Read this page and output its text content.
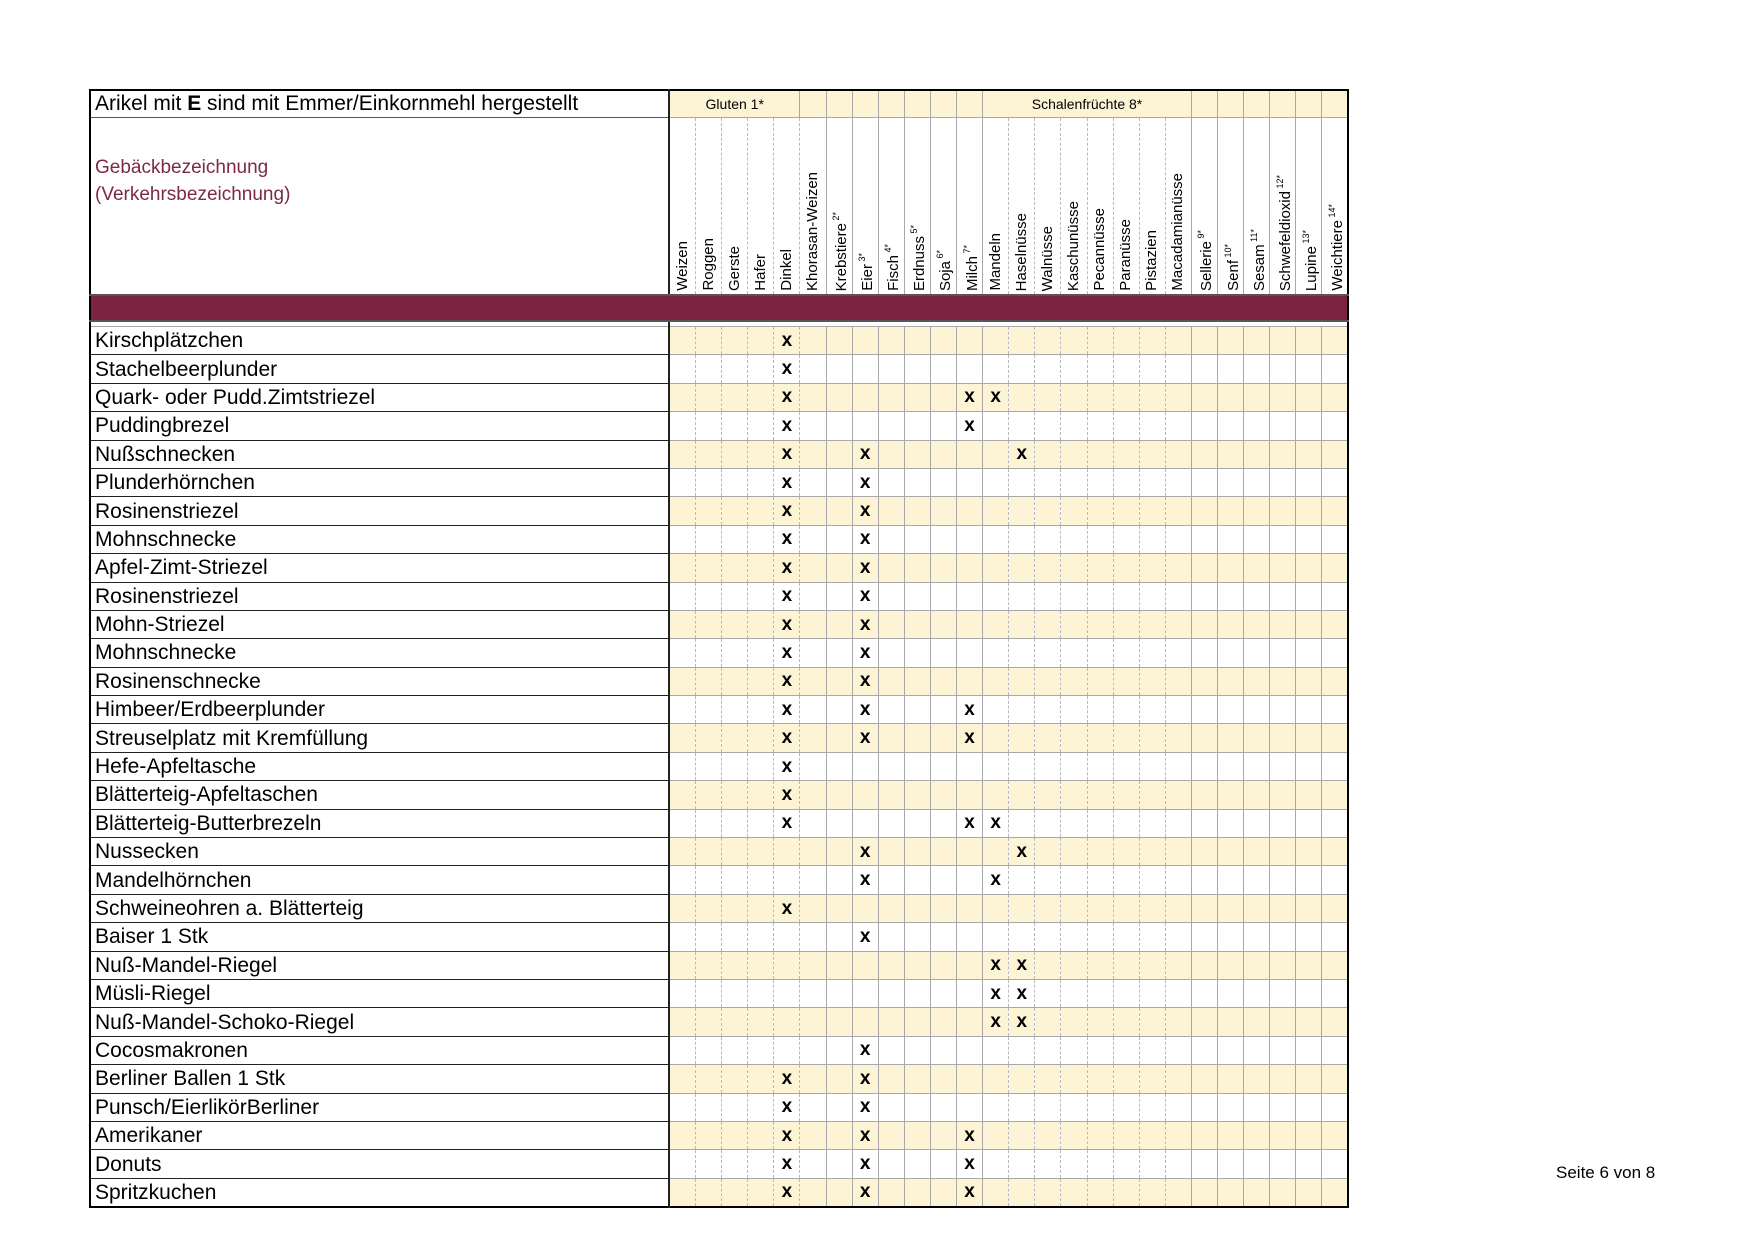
Arikel mit E sind mit Emmer/Einkornmehl hergestellt	Gluten 1*												Schalenfrüchte 8*													

Gebäckbezeichnung
(Verkehrsbezeichnung)	Weizen	Roggen	Gerste	Hafer	Dinkel	Khorasan-Weizen	Krebstiere $^{2*}$	Eier $^{3*}$	Fisch $^{4*}$	Erdnuss $^{5*}$	Soja $^{6*}$	Milch $^{7*}$	Mandeln	Haselnüsse	Walnüsse	Kaschunüsse	Pecannüsse	Paranüsse	Pistazien	Macadamianüsse	Sellerie $^{9*}$	Senf $^{10*}$	Sesam $^{11*}$	Schwefeldioxid $^{12*}$	Lupine $^{13*}$	Weichtiere $^{14*}$

Kirschplätzchen					x																					
Stachelbeerplunder					x																					
Quark- oder Pudd.Zimtstriezel					x							x	x													
Puddingbrezel					x							x														
Nußschnecken					x			x						x												
Plunderhörnchen					x			x																		
Rosinenstriezel					x			x																		
Mohnschnecke					x			x																		
Apfel-Zimt-Striezel					x			x																		
Rosinenstriezel					x			x																		
Mohn-Striezel					x			x																		
Mohnschnecke					x			x																		
Rosinenschnecke					x			x																		
Himbeer/Erdbeerplunder					x			x				x														
Streuselplatz mit Kremfüllung					x			x				x														
Hefe-Apfeltasche					x																					
Blätterteig-Apfeltaschen					x																					
Blätterteig-Butterbrezeln					x							x	x													
Nussecken								x						x												
Mandelhörnchen								x					x													
Schweineohren a. Blätterteig					x																					
Baiser 1 Stk								x																		
Nuß-Mandel-Riegel													x	x												
Müsli-Riegel													x	x												
Nuß-Mandel-Schoko-Riegel													x	x												
Cocosmakronen								x																		
Berliner Ballen 1 Stk					x			x																		
Punsch/EierlikörBerliner					x			x																		
Amerikaner					x			x				x														
Donuts					x			x				x														
Spritzkuchen					x			x				x														
Seite 6 von 8
